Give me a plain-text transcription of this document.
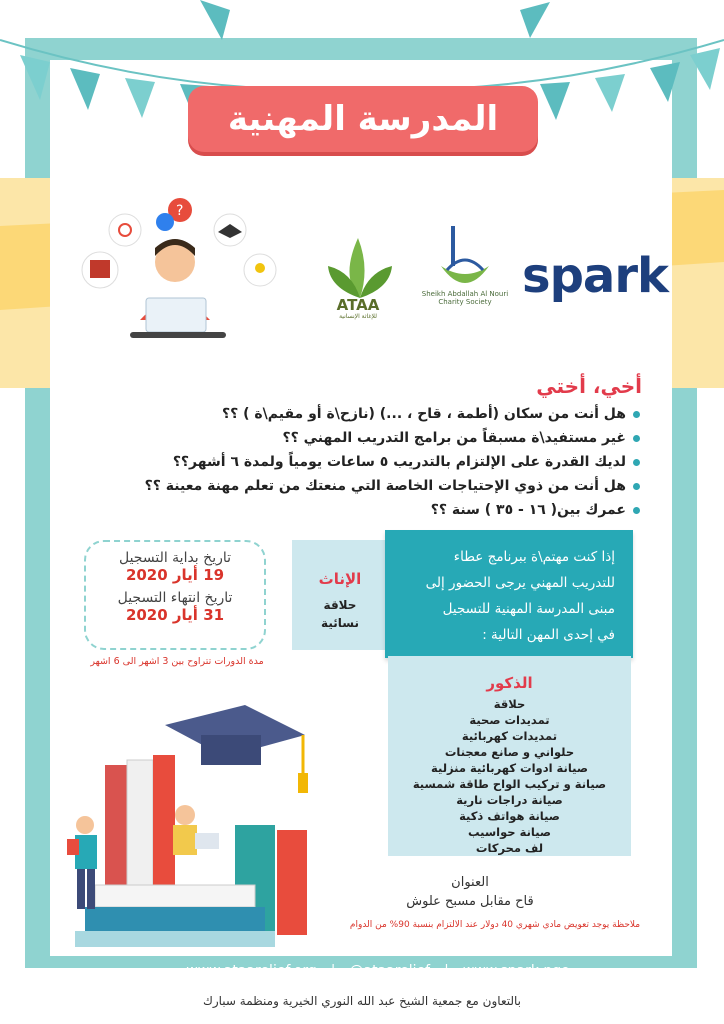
المدرسة المهنية
?
ATAA
للإغاثة الإنسانية
Sheikh Abdallah Al Nouri Charity Society spark
أخي، أختي
هل أنت من سكان (أطمة ، قاح ، ...) (نازح\ة أو مقيم\ة ) ؟؟
غير مستفيد\ة مسبقاً من برامج التدريب المهني ؟؟
لديك القدرة على الإلتزام بالتدريب ٥ ساعات يومياً ولمدة ٦ أشهر؟؟
هل أنت من ذوي الإحتياجات الخاصة التي منعتك من تعلم مهنة معينة ؟؟
عمرك بين( ١٦ - ٣٥ ) سنة ؟؟
تاريخ بداية التسجيل
19 أيار 2020
تاريخ انتهاء التسجيل
31 أيار 2020
مدة الدورات تتراوح بين 3 اشهر الى 6 اشهر
الإناث
حلاقة
نسائية
إذا كنت مهتم\ة ببرنامج عطاء
للتدريب المهني يرجى الحضور إلى
مبنى المدرسة المهنية للتسجيل
في إحدى المهن التالية :
الذكور
حلاقة
تمديدات صحية
تمديدات كهربائية
حلواني و صانع معجنات
صيانة ادوات كهربائية منزلية
صيانة و تركيب الواح طاقة شمسية
صيانة دراجات نارية
صيانة هواتف ذكية
صيانة حواسيب
لف محركات
العنوان
قاح مقابل مسبح علوش
ملاحظة يوجد تعويض مادي شهري 40 دولار عند الالتزام بنسبة 90% من الدوام
www.ataarelief.org | @ataarelief | www.spark.ngo
بالتعاون مع جمعية الشيخ عبد الله النوري الخيرية ومنظمة سبارك
